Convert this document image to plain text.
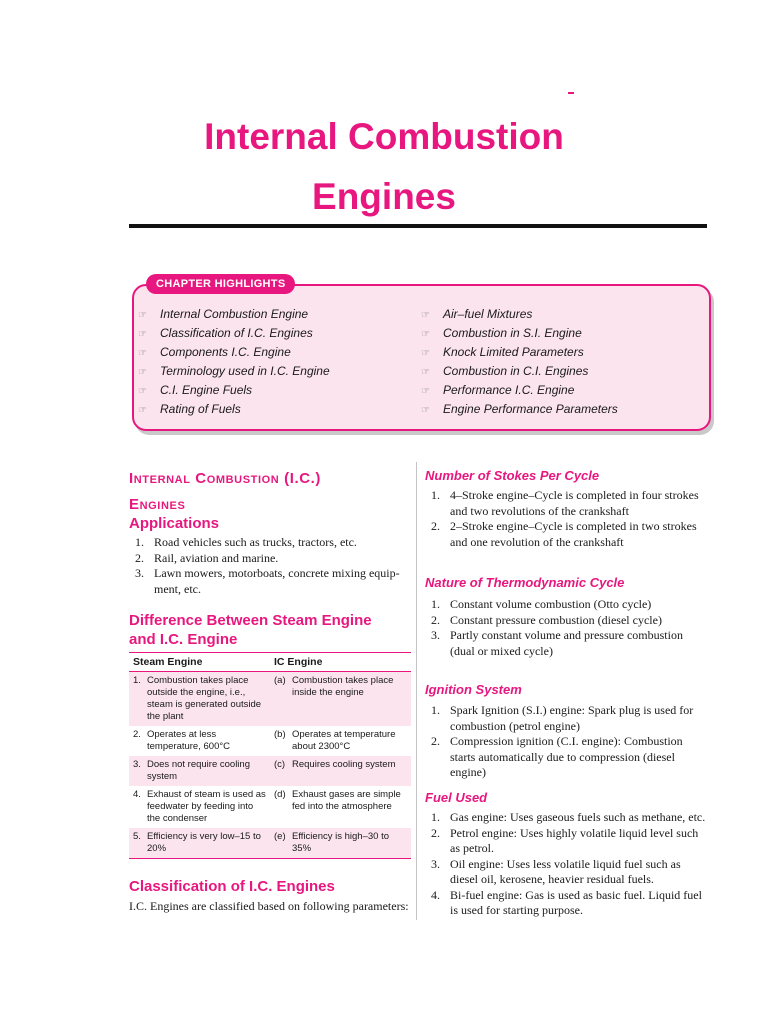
Internal Combustion
Engines
CHAPTER HIGHLIGHTS
☞ Internal Combustion Engine
☞ Classification of I.C. Engines
☞ Components I.C. Engine
☞ Terminology used in I.C. Engine
☞ C.I. Engine Fuels
☞ Rating of Fuels
☞ Air–fuel Mixtures
☞ Combustion in S.I. Engine
☞ Knock Limited Parameters
☞ Combustion in C.I. Engines
☞ Performance I.C. Engine
☞ Engine Performance Parameters
Internal Combustion (I.C.)
Engines
Applications
1. Road vehicles such as trucks, tractors, etc.
2. Rail, aviation and marine.
3. Lawn mowers, motorboats, concrete mixing equip-ment, etc.
Difference Between Steam Engine
and I.C. Engine
Steam Engine	IC Engine

1. Combustion takes place outside the engine, i.e., steam is generated outside the plant	(a) Combustion takes place inside the engine

2. Operates at less temperature, 600°C	(b) Operates at temperature about 2300°C

3. Does not require cooling system	(c) Requires cooling system

4. Exhaust of steam is used as feedwater by feeding into the condenser	(d) Exhaust gases are simple fed into the atmosphere

5. Efficiency is very low–15 to 20%	(e) Efficiency is high–30 to 35%
Classification of I.C. Engines
I.C. Engines are classified based on following parameters:
Number of Stokes Per Cycle
1. 4–Stroke engine–Cycle is completed in four strokes and two revolutions of the crankshaft
2. 2–Stroke engine–Cycle is completed in two strokes and one revolution of the crankshaft
Nature of Thermodynamic Cycle
1. Constant volume combustion (Otto cycle)
2. Constant pressure combustion (diesel cycle)
3. Partly constant volume and pressure combustion (dual or mixed cycle)
Ignition System
1. Spark Ignition (S.I.) engine: Spark plug is used for combustion (petrol engine)
2. Compression ignition (C.I. engine): Combustion starts automatically due to compression (diesel engine)
Fuel Used
1. Gas engine: Uses gaseous fuels such as methane, etc.
2. Petrol engine: Uses highly volatile liquid level such as petrol.
3. Oil engine: Uses less volatile liquid fuel such as diesel oil, kerosene, heavier residual fuels.
4. Bi-fuel engine: Gas is used as basic fuel. Liquid fuel is used for starting purpose.
